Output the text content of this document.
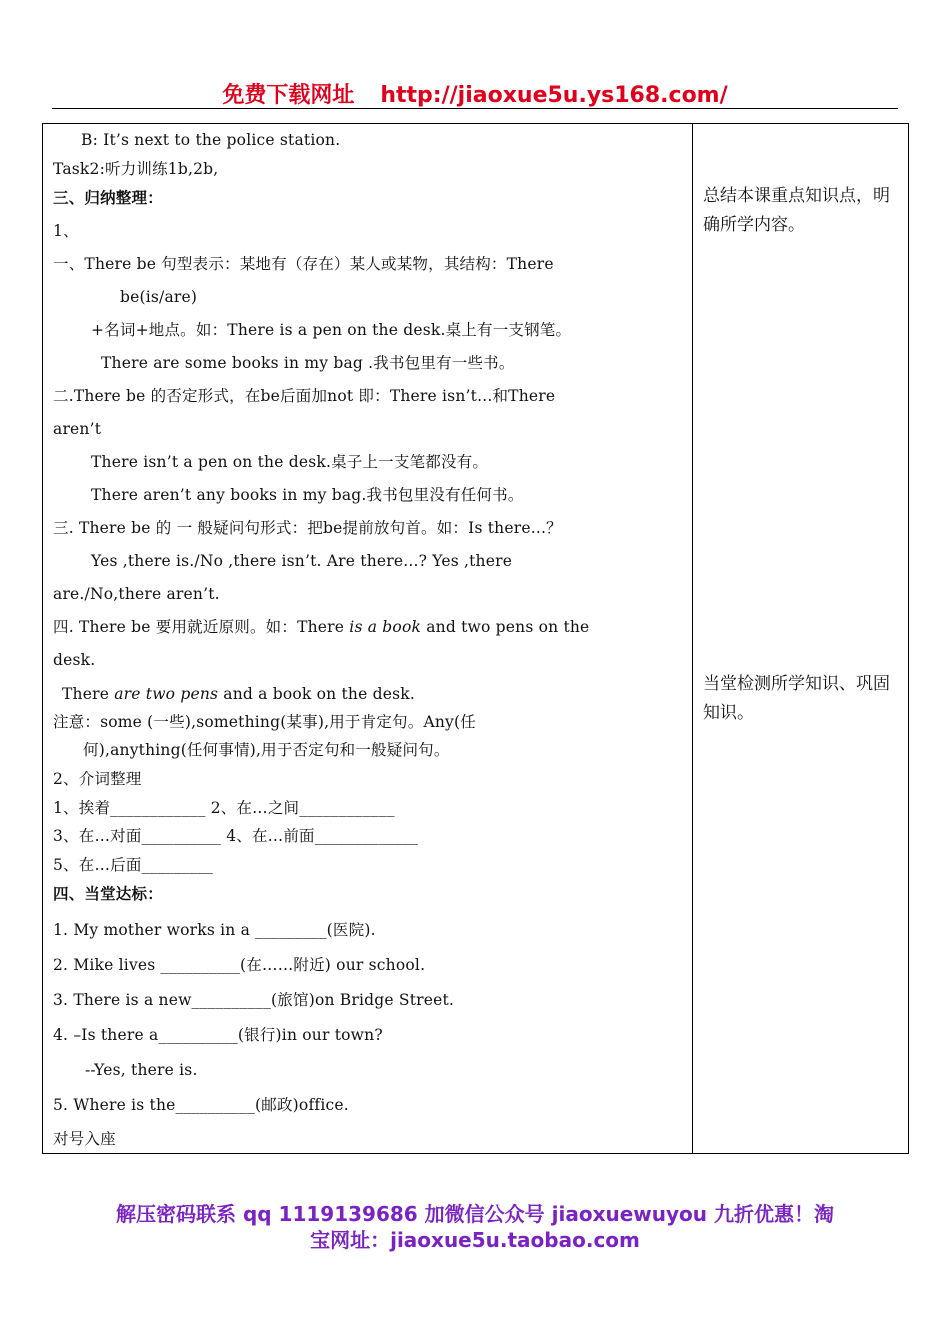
免费下载网址 http://jiaoxue5u.ys168.com/
B: It’s next to the police station.
Task2:听力训练1b,2b,
三、归纳整理：
1、
一、There be 句型表示：某地有（存在）某人或某物，其结构：There
be(is/are)
+名词+地点。如：There is a pen on the desk.桌上有一支钢笔。
There are some books in my bag .我书包里有一些书。
二.There be 的否定形式，在be后面加not 即：There isn’t...和There
aren’t
There isn’t a pen on the desk.桌子上一支笔都没有。
There aren’t any books in my bag.我书包里没有任何书。
三. There be 的 一 般疑问句形式：把be提前放句首。如：Is there...？
Yes ,there is./No ,there isn’t. Are there...? Yes ,there
are./No,there aren’t.
四. There be 要用就近原则。如：There is a book and two pens on the
desk.
There are two pens and a book on the desk.
注意：some (一些),something(某事),用于肯定句。Any(任
何),anything(任何事情),用于否定句和一般疑问句。
2、介词整理
1、挨着____________ 2、在…之间____________
3、在…对面__________ 4、在…前面_____________
5、在…后面_________
四、当堂达标：
1. My mother works in a _________(医院).
2. Mike lives __________(在……附近) our school.
3. There is a new__________(旅馆)on Bridge Street.
4. –Is there a__________(银行)in our town?
--Yes, there is.
5. Where is the__________(邮政)office.
对号入座

总结本课重点知识点，明确所学内容。
当堂检测所学知识、巩固知识。
解压密码联系 qq 1119139686 加微信公众号 jiaoxuewuyou 九折优惠！淘
宝网址：jiaoxue5u.taobao.com
